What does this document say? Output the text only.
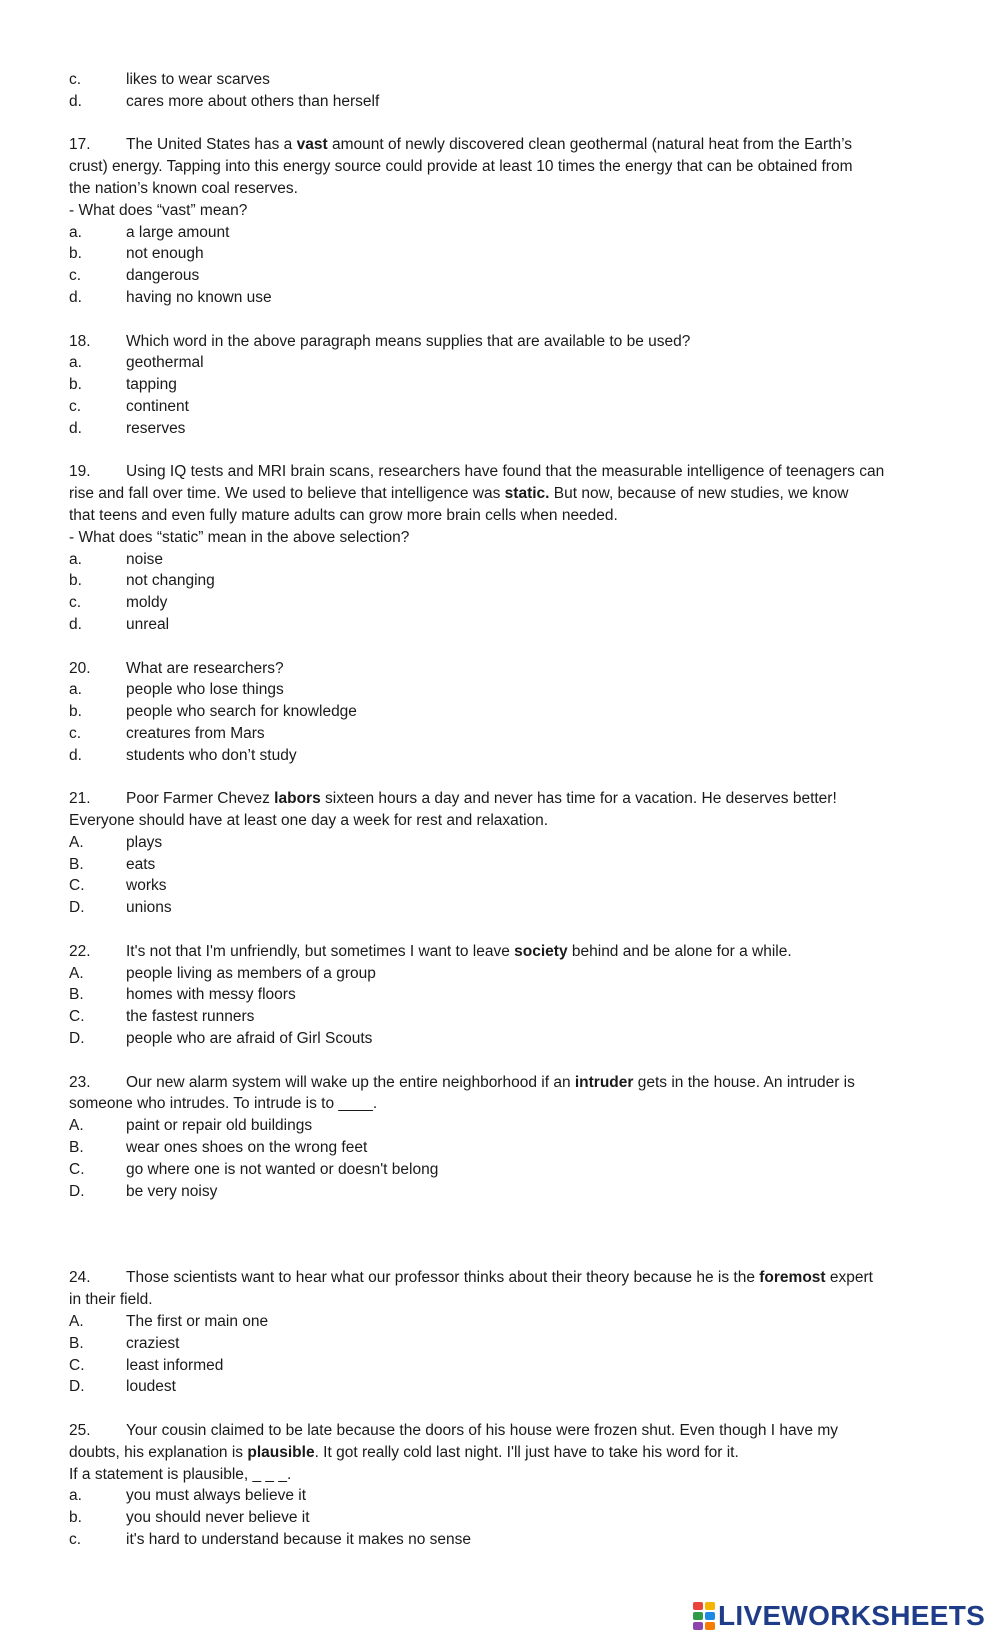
c.	likes to wear scarves
d.	cares more about others than herself
17. The United States has a vast amount of newly discovered clean geothermal (natural heat from the Earth’s
crust) energy. Tapping into this energy source could provide at least 10 times the energy that can be obtained from
the nation’s known coal reserves.
- What does “vast” mean?
a.	a large amount
b.	not enough
c.	dangerous
d.	having no known use
18. Which word in the above paragraph means supplies that are available to be used?
a.	geothermal
b.	tapping
c.	continent
d.	reserves
19. Using IQ tests and MRI brain scans, researchers have found that the measurable intelligence of teenagers can
rise and fall over time. We used to believe that intelligence was static. But now, because of new studies, we know
that teens and even fully mature adults can grow more brain cells when needed.
- What does “static” mean in the above selection?
a.	noise
b.	not changing
c.	moldy
d.	unreal
20. What are researchers?
a.	people who lose things
b.	people who search for knowledge
c.	creatures from Mars
d.	students who don’t study
21. Poor Farmer Chevez labors sixteen hours a day and never has time for a vacation. He deserves better!
Everyone should have at least one day a week for rest and relaxation.
A.	plays
B.	eats
C.	works
D.	unions
22. It's not that I'm unfriendly, but sometimes I want to leave society behind and be alone for a while.
A.	people living as members of a group
B.	homes with messy floors
C.	the fastest runners
D.	people who are afraid of Girl Scouts
23. Our new alarm system will wake up the entire neighborhood if an intruder gets in the house. An intruder is
someone who intrudes. To intrude is to ____.
A.	paint or repair old buildings
B.	wear ones shoes on the wrong feet
C.	go where one is not wanted or doesn't belong
D.	be very noisy
24. Those scientists want to hear what our professor thinks about their theory because he is the foremost expert
in their field.
A.	The first or main one
B.	craziest
C.	least informed
D.	loudest
25. Your cousin claimed to be late because the doors of his house were frozen shut. Even though I have my
doubts, his explanation is plausible. It got really cold last night. I'll just have to take his word for it.
If a statement is plausible, _ _ _.
a.	you must always believe it
b.	you should never believe it
c.	it's hard to understand because it makes no sense
LIVEWORKSHEETS
